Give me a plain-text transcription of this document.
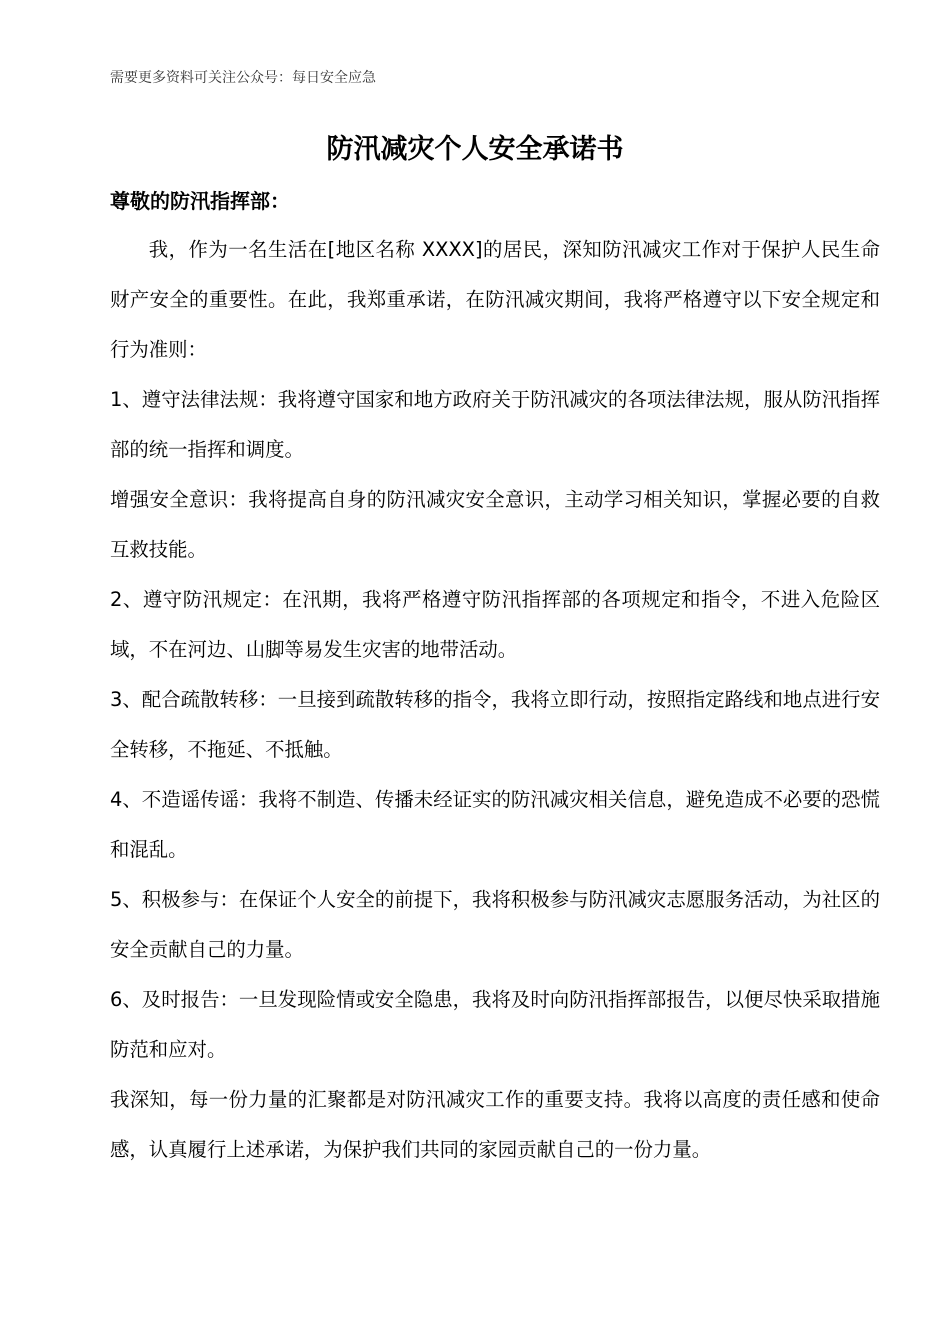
需要更多资料可关注公众号：每日安全应急
防汛减灾个人安全承诺书

尊敬的防汛指挥部：

我，作为一名生活在[地区名称 XXXX]的居民，深知防汛减灾工作对于保护人民生命财产安全的重要性。在此，我郑重承诺，在防汛减灾期间，我将严格遵守以下安全规定和行为准则：

1、遵守法律法规：我将遵守国家和地方政府关于防汛减灾的各项法律法规，服从防汛指挥部的统一指挥和调度。

增强安全意识：我将提高自身的防汛减灾安全意识，主动学习相关知识，掌握必要的自救互救技能。

2、遵守防汛规定：在汛期，我将严格遵守防汛指挥部的各项规定和指令，不进入危险区域，不在河边、山脚等易发生灾害的地带活动。

3、配合疏散转移：一旦接到疏散转移的指令，我将立即行动，按照指定路线和地点进行安全转移，不拖延、不抵触。

4、不造谣传谣：我将不制造、传播未经证实的防汛减灾相关信息，避免造成不必要的恐慌和混乱。

5、积极参与：在保证个人安全的前提下，我将积极参与防汛减灾志愿服务活动，为社区的安全贡献自己的力量。

6、及时报告：一旦发现险情或安全隐患，我将及时向防汛指挥部报告，以便尽快采取措施防范和应对。

我深知，每一份力量的汇聚都是对防汛减灾工作的重要支持。我将以高度的责任感和使命感，认真履行上述承诺，为保护我们共同的家园贡献自己的一份力量。
